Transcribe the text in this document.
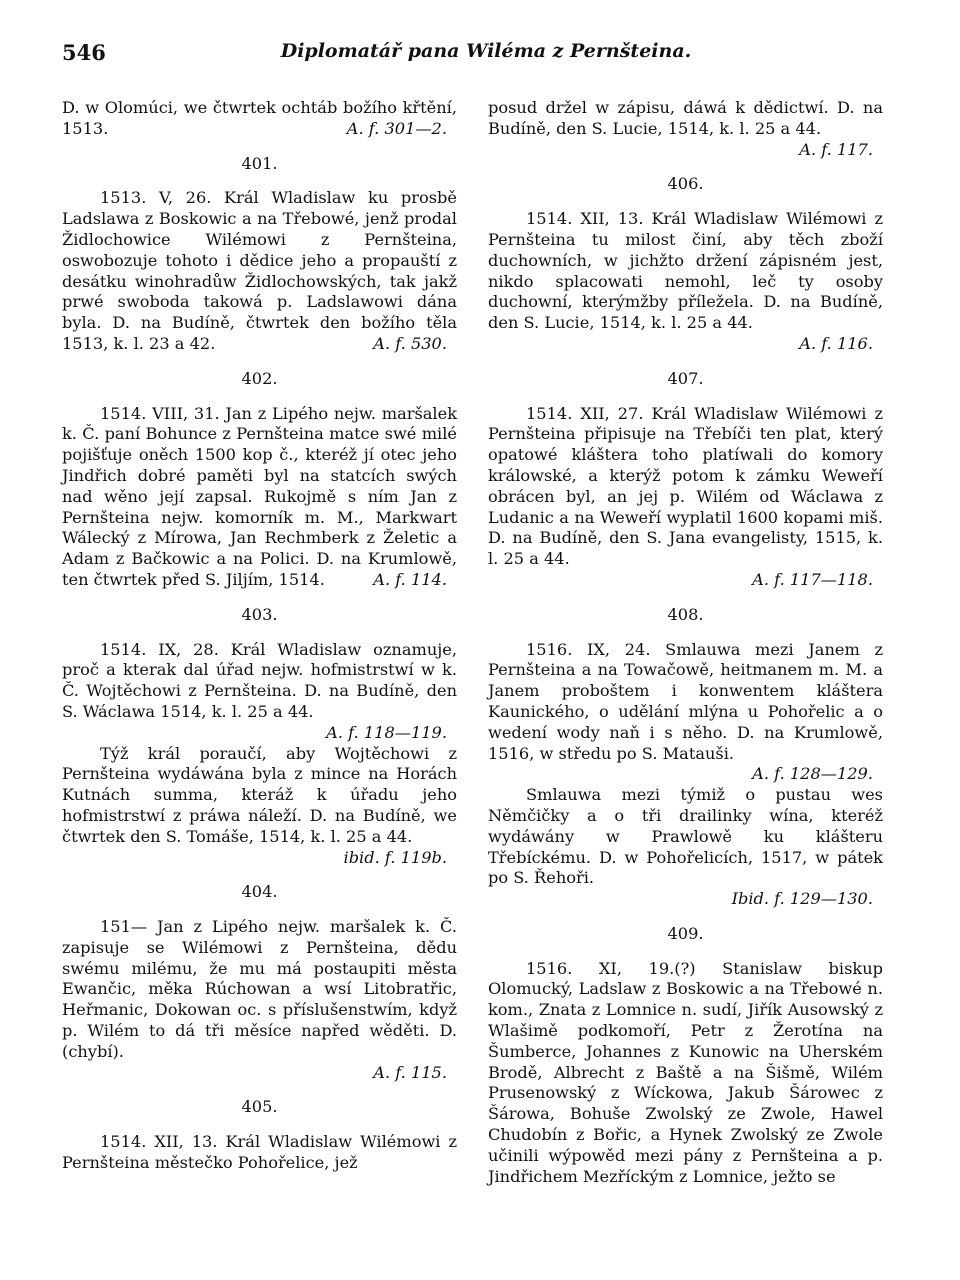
546	Diplomatář pana Wiléma z Pernšteina.

D. w Olomúci, we čtwrtek ochtáb božího křtění, 1513.	A. f. 301—2.

401.

1513. V, 26. Král Wladislaw ku prosbě Ladslawa z Boskowic a na Třebowé, jenž prodal Židlochowice Wilémowi z Pernšteina, oswobozuje tohoto i dědice jeho a propauští z desátku winohradůw Židlochowských, tak jakž prwé swoboda takowá p. Ladslawowi dána byla. D. na Budíně, čtwrtek den božího těla 1513, k. l. 23 a 42.	A. f. 530.

402.

1514. VIII, 31. Jan z Lipého nejw. maršalek k. Č. paní Bohunce z Pernšteina matce swé milé pojišťuje oněch 1500 kop č., kteréž jí otec jeho Jindřich dobré paměti byl na statcích swých nad wěno její zapsal. Rukojmě s ním Jan z Pernšteina nejw. komorník m. M., Markwart Wálecký z Mírowa, Jan Rechmberk z Želetic a Adam z Bačkowic a na Polici. D. na Krumlowě, ten čtwrtek před S. Jiljím, 1514.	A. f. 114.

403.

1514. IX, 28. Král Wladislaw oznamuje, proč a kterak dal úřad nejw. hofmistrstwí w k. Č. Wojtěchowi z Pernšteina. D. na Budíně, den S. Wáclawa 1514, k. l. 25 a 44.

A. f. 118—119.

Týž král poraučí, aby Wojtěchowi z Pernšteina wydáwána byla z mince na Horách Kutnách summa, kteráž k úřadu jeho hofmistrstwí z práwa náleží. D. na Budíně, we čtwrtek den S. Tomáše, 1514, k. l. 25 a 44.

ibid. f. 119b.

404.

151— Jan z Lipého nejw. maršalek k. Č. zapisuje se Wilémowi z Pernšteina, dědu swému milému, že mu má postaupiti města Ewančic, měka Rúchowan a wsí Litobratřic, Heřmanic, Dokowan oc. s příslušenstwím, když p. Wilém to dá tři měsíce napřed wěděti. D. (chybí).

A. f. 115.

405.

1514. XII, 13. Král Wladislaw Wilémowi z Pernšteina městečko Pohořelice, jež

posud držel w zápisu, dáwá k dědictwí. D. na Budíně, den S. Lucie, 1514, k. l. 25 a 44.

A. f. 117.

406.

1514. XII, 13. Král Wladislaw Wilémowi z Pernšteina tu milost činí, aby těch zboží duchowních, w jichžto držení zápisném jest, nikdo splacowati nemohl, leč ty osoby duchowní, kterýmžby příležela. D. na Budíně, den S. Lucie, 1514, k. l. 25 a 44.

A. f. 116.

407.

1514. XII, 27. Král Wladislaw Wilémowi z Pernšteina připisuje na Třebíči ten plat, který opatowé kláštera toho platíwali do komory králowské, a kterýž potom k zámku Weweří obrácen byl, an jej p. Wilém od Wáclawa z Ludanic a na Weweří wyplatil 1600 kopami miš. D. na Budíně, den S. Jana evangelisty, 1515, k. l. 25 a 44.

A. f. 117—118.

408.

1516. IX, 24. Smlauwa mezi Janem z Pernšteina a na Towačowě, heitmanem m. M. a Janem proboštem i konwentem kláštera Kaunického, o udělání mlýna u Pohořelic a o wedení wody naň i s něho. D. na Krumlowě, 1516, w středu po S. Matauši.

A. f. 128—129.

Smlauwa mezi týmiž o pustau wes Němčičky a o tři drailinky wína, kteréž wydáwány w Prawlowě ku klášteru Třebíckému. D. w Pohořelicích, 1517, w pátek po S. Řehoři.

Ibid. f. 129—130.

409.

1516. XI, 19.(?) Stanislaw biskup Olomucký, Ladslaw z Boskowic a na Třebowé n. kom., Znata z Lomnice n. sudí, Jiřík Ausowský z Wlašimě podkomoří, Petr z Žerotína na Šumberce, Johannes z Kunowic na Uherském Brodě, Albrecht z Baště a na Šišmě, Wilém Prusenowský z Wíckowa, Jakub Šárowec z Šárowa, Bohuše Zwolský ze Zwole, Hawel Chudobín z Bořic, a Hynek Zwolský ze Zwole učinili wýpowěd mezi pány z Pernšteina a p. Jindřichem Mezříckým z Lomnice, ježto se
